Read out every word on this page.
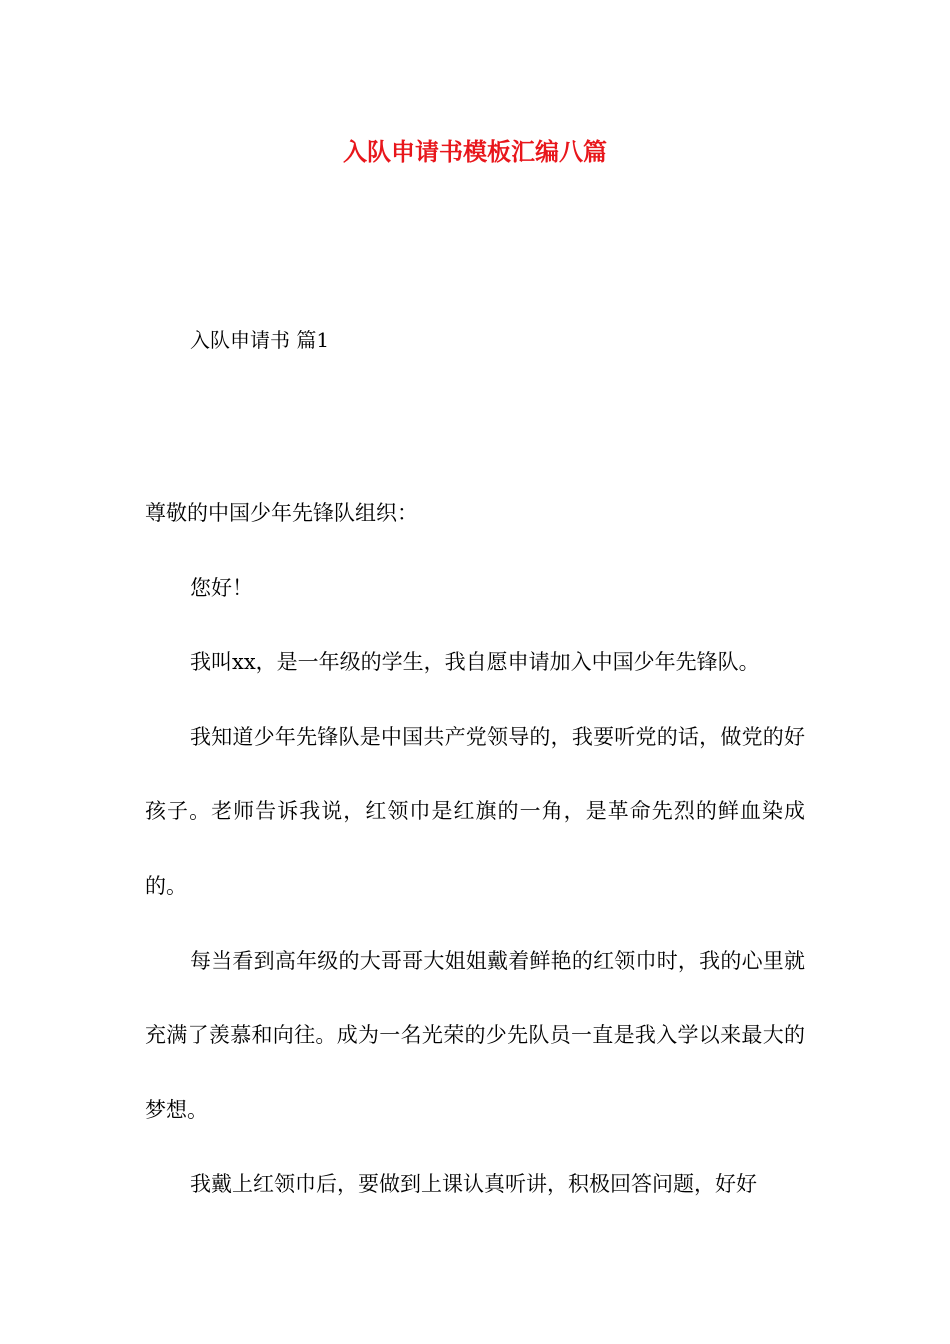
入队申请书模板汇编八篇
入队申请书 篇1

尊敬的中国少年先锋队组织：

您好！

我叫xx，是一年级的学生，我自愿申请加入中国少年先锋队。

我知道少年先锋队是中国共产党领导的，我要听党的话，做党的好孩子。老师告诉我说，红领巾是红旗的一角，是革命先烈的鲜血染成的。

每当看到高年级的大哥哥大姐姐戴着鲜艳的红领巾时，我的心里就充满了羡慕和向往。成为一名光荣的少先队员一直是我入学以来最大的梦想。

我戴上红领巾后，要做到上课认真听讲，积极回答问题，好好
